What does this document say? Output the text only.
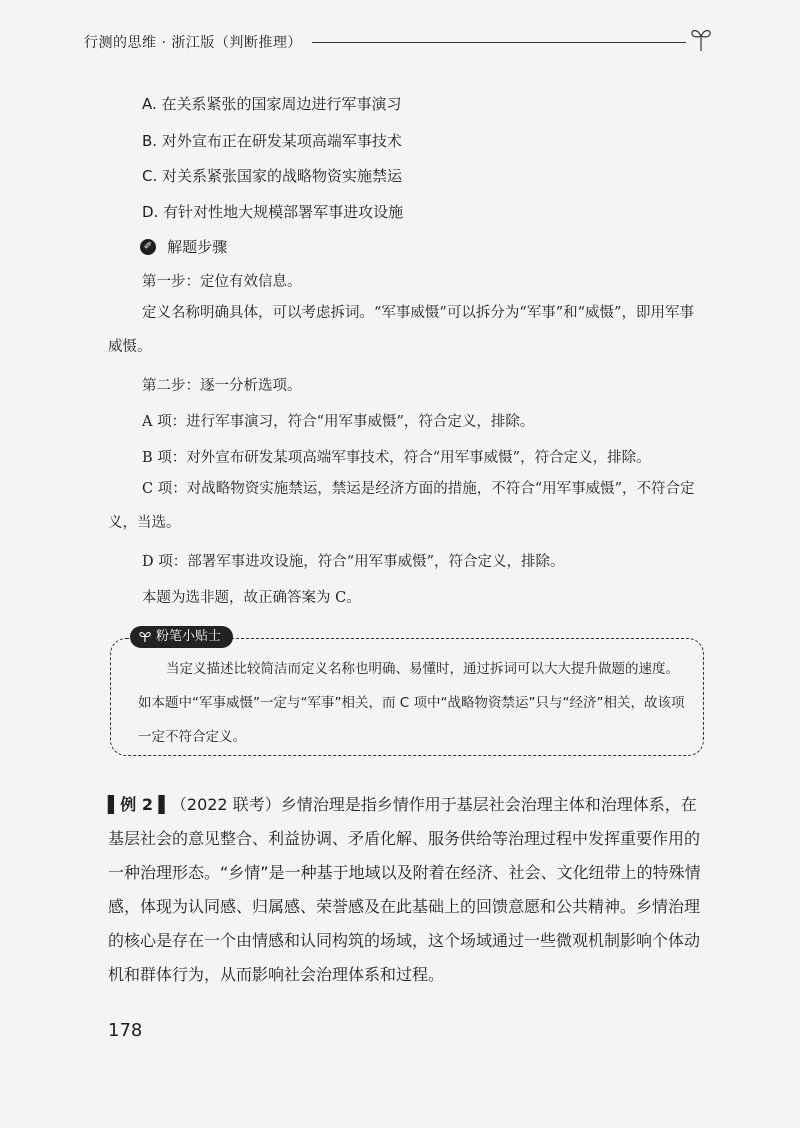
行测的思维 · 浙江版（判断推理）
A. 在关系紧张的国家周边进行军事演习
B. 对外宣布正在研发某项高端军事技术
C. 对关系紧张国家的战略物资实施禁运
D. 有针对性地大规模部署军事进攻设施
✐ 解题步骤
第一步：定位有效信息。
定义名称明确具体，可以考虑拆词。“军事威慑”可以拆分为“军事”和“威慑”，即用军事威慑。
第二步：逐一分析选项。
A 项：进行军事演习，符合“用军事威慑”，符合定义，排除。
B 项：对外宣布研发某项高端军事技术，符合“用军事威慑”，符合定义，排除。
C 项：对战略物资实施禁运，禁运是经济方面的措施，不符合“用军事威慑”，不符合定义，当选。
D 项：部署军事进攻设施，符合“用军事威慑”，符合定义，排除。
本题为选非题，故正确答案为 C。
粉笔小贴士
当定义描述比较简洁而定义名称也明确、易懂时，通过拆词可以大大提升做题的速度。如本题中“军事威慑”一定与“军事”相关，而 C 项中“战略物资禁运”只与“经济”相关，故该项一定不符合定义。
▌例 2 ▌（2022 联考）乡情治理是指乡情作用于基层社会治理主体和治理体系，在基层社会的意见整合、利益协调、矛盾化解、服务供给等治理过程中发挥重要作用的一种治理形态。“乡情”是一种基于地域以及附着在经济、社会、文化纽带上的特殊情感，体现为认同感、归属感、荣誉感及在此基础上的回馈意愿和公共精神。乡情治理的核心是存在一个由情感和认同构筑的场域，这个场域通过一些微观机制影响个体动机和群体行为，从而影响社会治理体系和过程。
178
